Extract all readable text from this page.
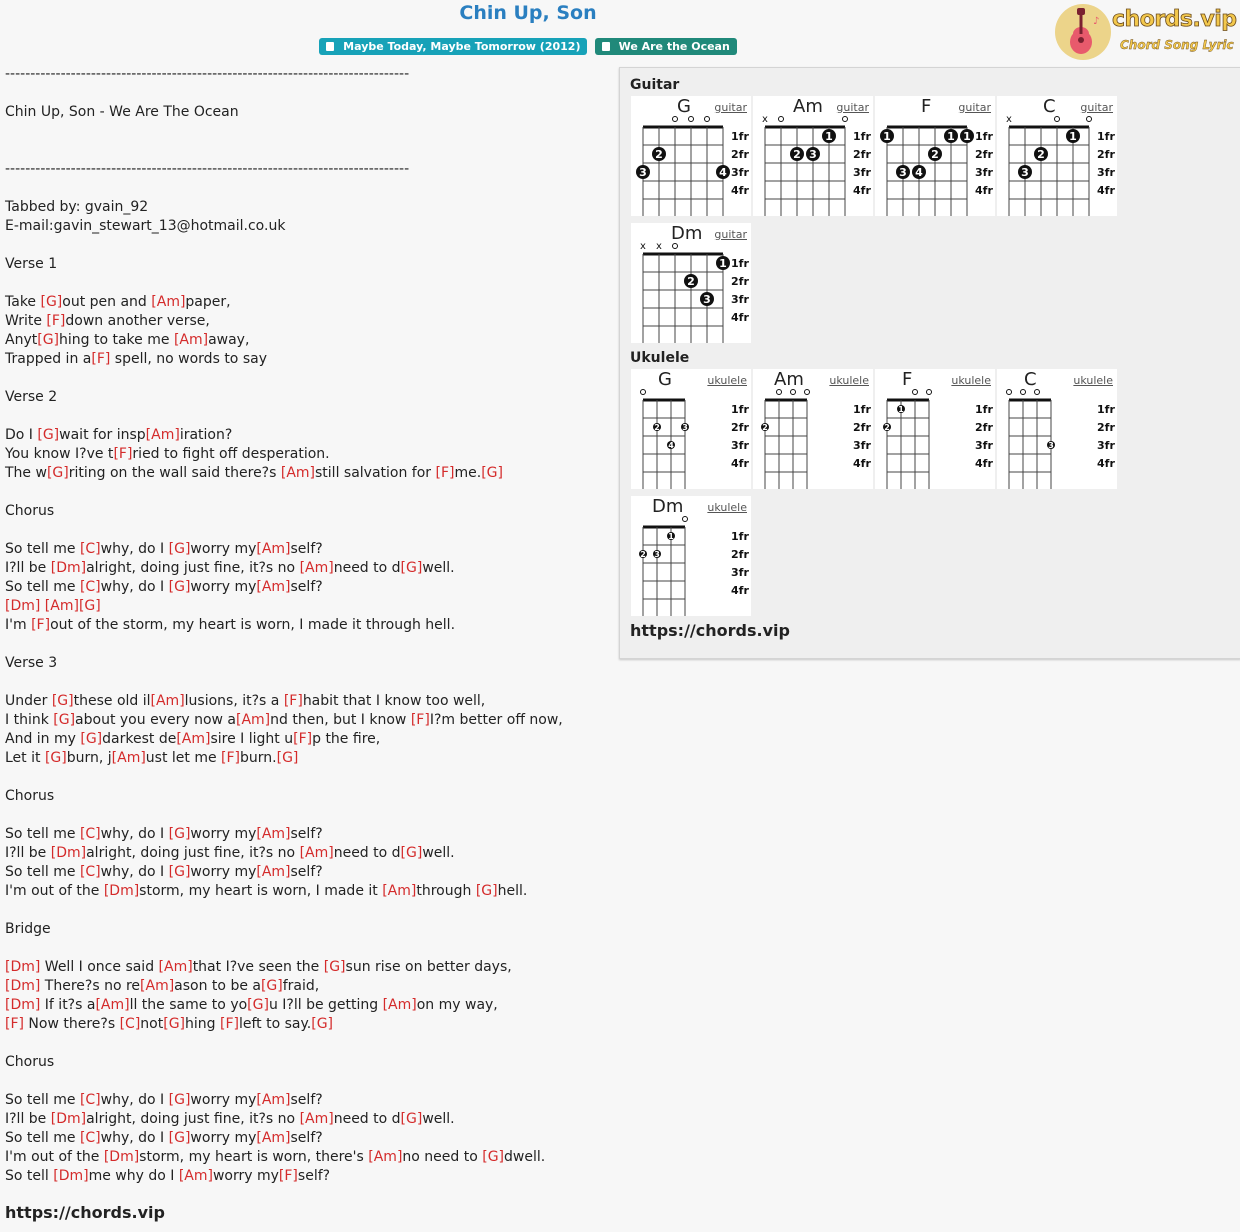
Chin Up, Son
Maybe Today, Maybe Tomorrow (2012)	We Are the Ocean
♪ chords.vip
Chord Song Lyric
--------------------------------------------------------------------------------
Chin Up, Son - We Are The Ocean
--------------------------------------------------------------------------------
Tabbed by: gvain_92
E-mail:gavin_stewart_13@hotmail.co.uk
Verse 1
Take [G]out pen and [Am]paper,
Write [F]down another verse,
Anyt[G]hing to take me [Am]away,
Trapped in a[F] spell, no words to say
Verse 2
Do I [G]wait for insp[Am]iration?
You know I?ve t[F]ried to fight off desperation.
The w[G]riting on the wall said there?s [Am]still salvation for [F]me.[G]
Chorus
So tell me [C]why, do I [G]worry my[Am]self?
I?ll be [Dm]alright, doing just fine, it?s no [Am]need to d[G]well.
So tell me [C]why, do I [G]worry my[Am]self?
[Dm] [Am][G]
I'm [F]out of the storm, my heart is worn, I made it through hell.
Verse 3
Under [G]these old il[Am]lusions, it?s a [F]habit that I know too well,
I think [G]about you every now a[Am]nd then, but I know [F]I?m better off now,
And in my [G]darkest de[Am]sire I light u[F]p the fire,
Let it [G]burn, j[Am]ust let me [F]burn.[G]
Chorus
So tell me [C]why, do I [G]worry my[Am]self?
I?ll be [Dm]alright, doing just fine, it?s no [Am]need to d[G]well.
So tell me [C]why, do I [G]worry my[Am]self?
I'm out of the [Dm]storm, my heart is worn, I made it [Am]through [G]hell.
Bridge
[Dm] Well I once said [Am]that I?ve seen the [G]sun rise on better days,
[Dm] There?s no re[Am]ason to be a[G]fraid,
[Dm] If it?s a[Am]ll the same to yo[G]u I?ll be getting [Am]on my way,
[F] Now there?s [C]not[G]hing [F]left to say.[G]
Chorus
So tell me [C]why, do I [G]worry my[Am]self?
I?ll be [Dm]alright, doing just fine, it?s no [Am]need to d[G]well.
So tell me [C]why, do I [G]worry my[Am]self?
I'm out of the [Dm]storm, my heart is worn, there's [Am]no need to [G]dwell.
So tell [Dm]me why do I [Am]worry my[F]self?
https://chords.vip
Guitar
G guitar
1fr
2fr
3fr
4fr
3
2
4
Am guitar
x
1fr
2fr
3fr
4fr
2 3
1
F guitar
1fr
2fr
3fr
4fr
1
3 4
2
1 1
C guitar
x
1fr
2fr
3fr
4fr
3
2
1
Dm guitar
x x
1fr
2fr
3fr
4fr
2
3
1
Ukulele
G	ukulele
1fr
2fr
3fr
4fr
2
4
3
Am ukulele
1fr
2fr
3fr
4fr
2
F	ukulele
1fr
2fr
3fr
4fr
2
1
C	ukulele
1fr
2fr
3fr
4fr
3
Dm ukulele
1fr
2fr
3fr
4fr
2 3
1
https://chords.vip
